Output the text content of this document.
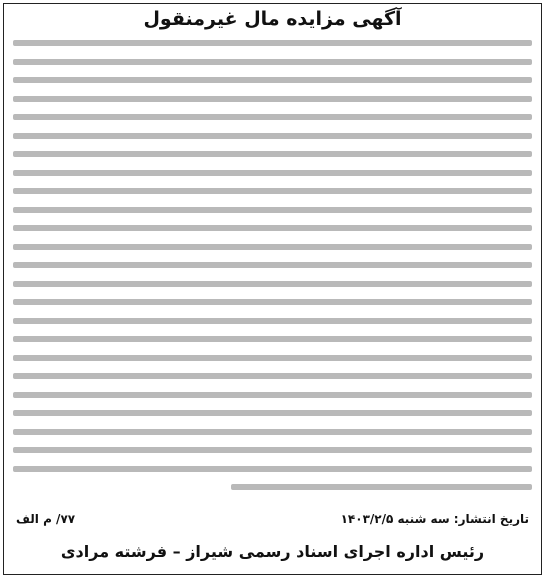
آگهی مزایده مال غیرمنقول
تاریخ انتشار: سه شنبه ۱۴۰۳/۲/۵
۷۷/ م الف
رئیس اداره اجرای اسناد رسمی شیراز – فرشته مرادی
